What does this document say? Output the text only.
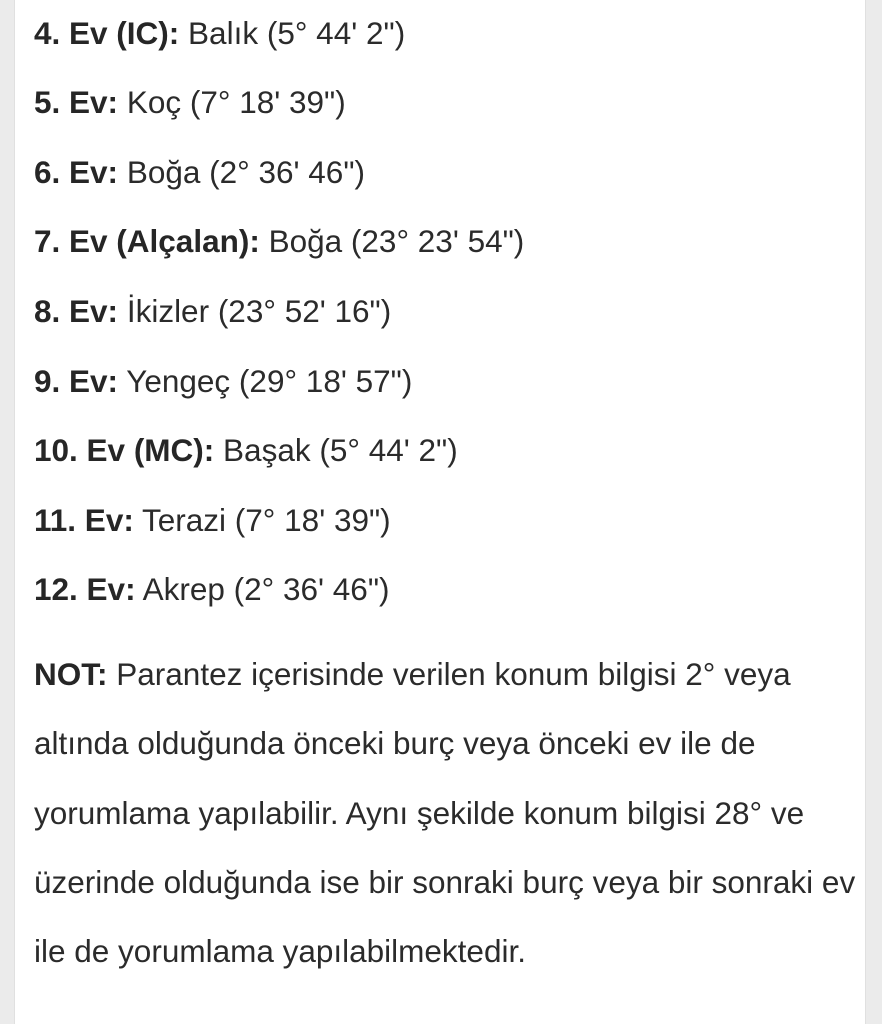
4. Ev (IC): Balık (5° 44' 2")
5. Ev: Koç (7° 18' 39")
6. Ev: Boğa (2° 36' 46")
7. Ev (Alçalan): Boğa (23° 23' 54")
8. Ev: İkizler (23° 52' 16")
9. Ev: Yengeç (29° 18' 57")
10. Ev (MC): Başak (5° 44' 2")
11. Ev: Terazi (7° 18' 39")
12. Ev: Akrep (2° 36' 46")
NOT: Parantez içerisinde verilen konum bilgisi 2° veya altında olduğunda önceki burç veya önceki ev ile de yorumlama yapılabilir. Aynı şekilde konum bilgisi 28° ve üzerinde olduğunda ise bir sonraki burç veya bir sonraki ev ile de yorumlama yapılabilmektedir.
